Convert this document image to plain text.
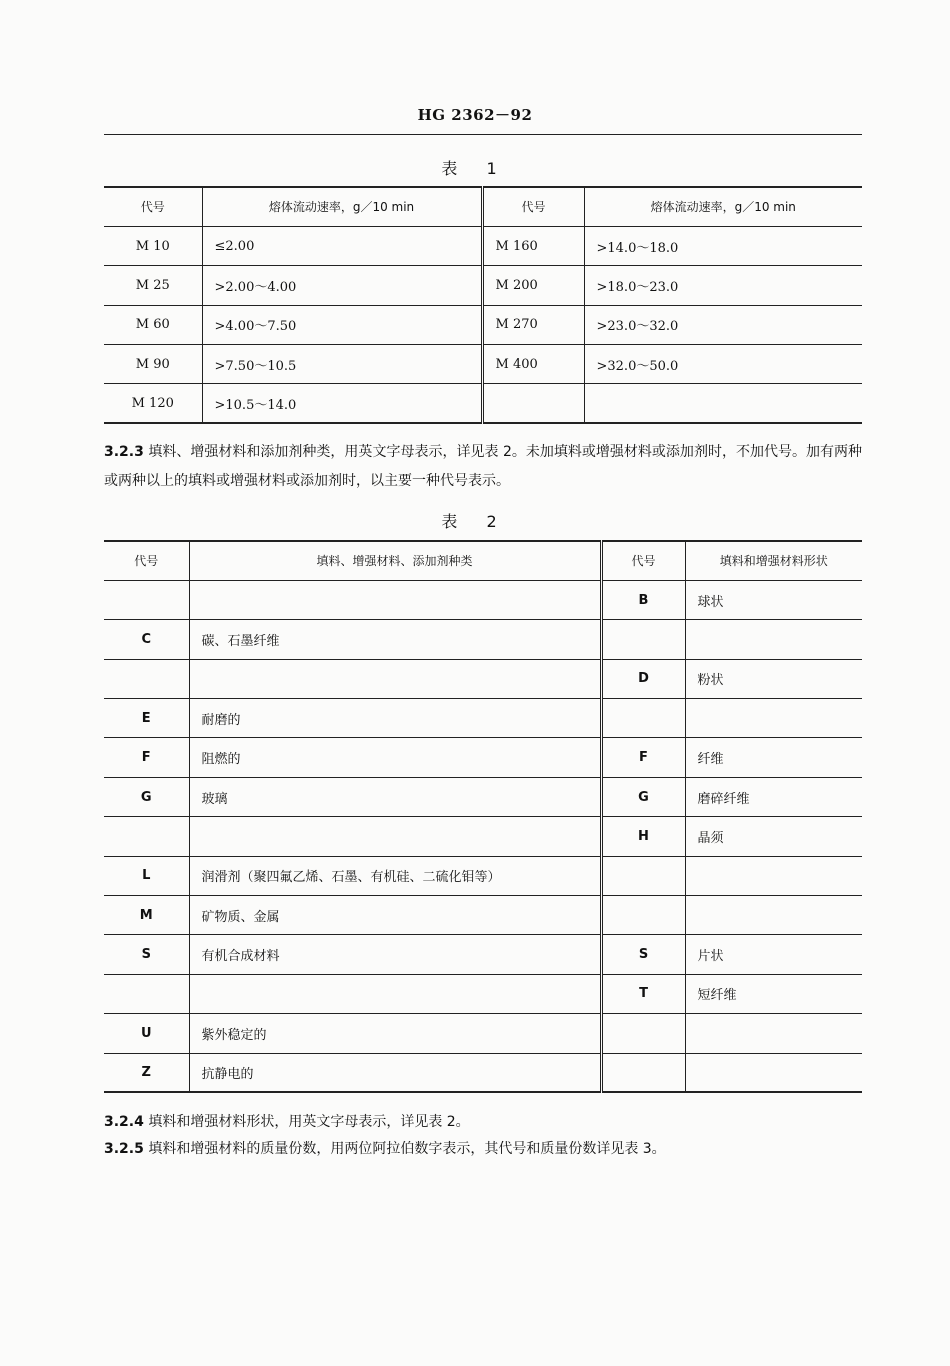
HG 2362－92
表 1
代号	熔体流动速率，g／10 min	代号	熔体流动速率，g／10 min
M 10	≤2.00	M 160	>14.0～18.0
M 25	>2.00～4.00	M 200	>18.0～23.0
M 60	>4.00～7.50	M 270	>23.0～32.0
M 90	>7.50～10.5	M 400	>32.0～50.0
M 120	>10.5～14.0		
3.2.3 填料、增强材料和添加剂种类，用英文字母表示，详见表 2。未加填料或增强材料或添加剂时，不加代号。加有两种或两种以上的填料或增强材料或添加剂时，以主要一种代号表示。
表 2
代号	填料、增强材料、添加剂种类	代号	填料和增强材料形状
		B	球状
C	碳、石墨纤维		
		D	粉状
E	耐磨的		
F	阻燃的	F	纤维
G	玻璃	G	磨碎纤维
		H	晶须
L	润滑剂（聚四氟乙烯、石墨、有机硅、二硫化钼等）		
M	矿物质、金属		
S	有机合成材料	S	片状
		T	短纤维
U	紫外稳定的		
Z	抗静电的		
3.2.4 填料和增强材料形状，用英文字母表示，详见表 2。
3.2.5 填料和增强材料的质量份数，用两位阿拉伯数字表示，其代号和质量份数详见表 3。
